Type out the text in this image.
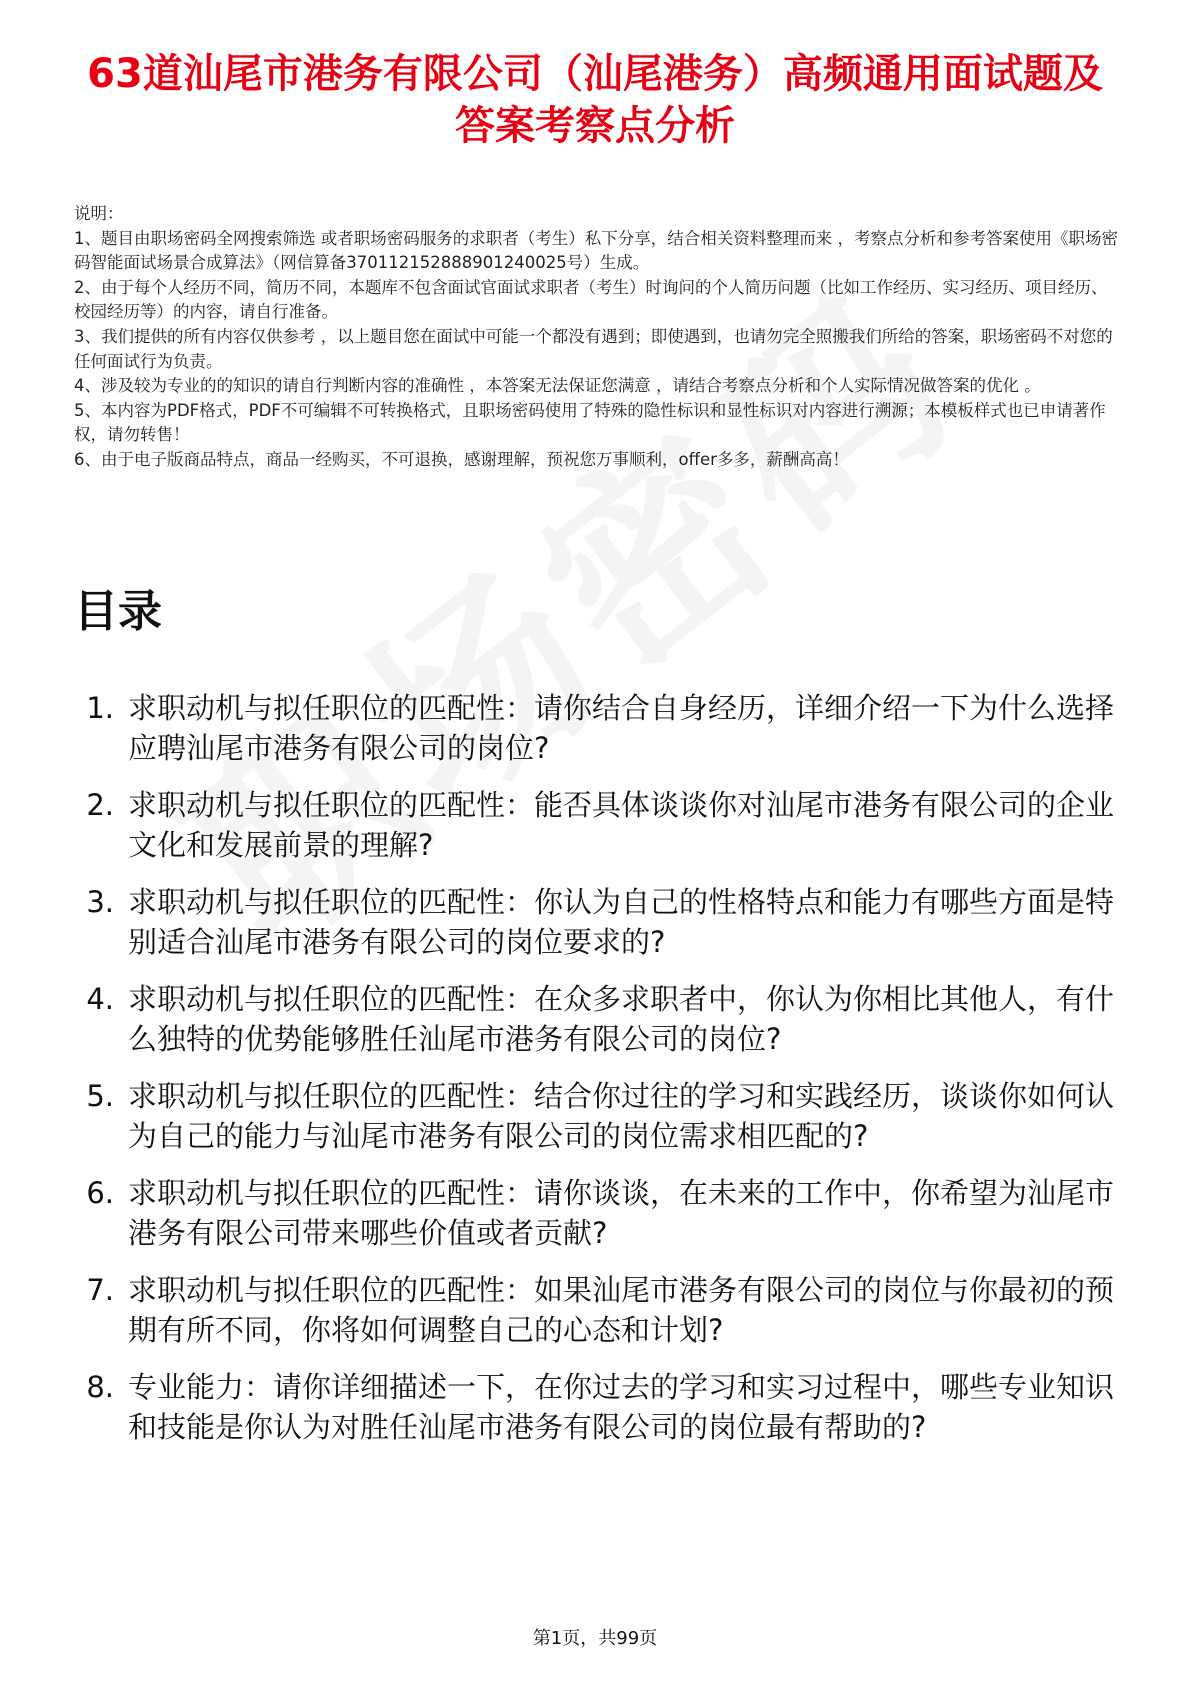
63道汕尾市港务有限公司（汕尾港务）高频通用面试题及答案考察点分析

说明：

1、题目由职场密码全网搜索筛选 或者职场密码服务的求职者（考生）私下分享，结合相关资料整理而来 ，考察点分析和参考答案使用《职场密码智能面试场景合成算法》（网信算备370112152888901240025号）生成。

2、由于每个人经历不同，简历不同，本题库不包含面试官面试求职者（考生）时询问的个人简历问题（比如工作经历、实习经历、项目经历、校园经历等）的内容，请自行准备。

3、我们提供的所有内容仅供参考 ，以上题目您在面试中可能一个都没有遇到；即使遇到，也请勿完全照搬我们所给的答案，职场密码不对您的任何面试行为负责。

4、涉及较为专业的的知识的请自行判断内容的准确性 ，本答案无法保证您满意 ，请结合考察点分析和个人实际情况做答案的优化 。

5、本内容为PDF格式，PDF不可编辑不可转换格式，且职场密码使用了特殊的隐性标识和显性标识对内容进行溯源；本模板样式也已申请著作权，请勿转售！

6、由于电子版商品特点，商品一经购买，不可退换，感谢理解，预祝您万事顺利，offer多多，薪酬高高！

目录
1. 求职动机与拟任职位的匹配性：请你结合自身经历，详细介绍一下为什么选择应聘汕尾市港务有限公司的岗位?
2. 求职动机与拟任职位的匹配性：能否具体谈谈你对汕尾市港务有限公司的企业文化和发展前景的理解?
3. 求职动机与拟任职位的匹配性：你认为自己的性格特点和能力有哪些方面是特别适合汕尾市港务有限公司的岗位要求的?
4. 求职动机与拟任职位的匹配性：在众多求职者中，你认为你相比其他人，有什么独特的优势能够胜任汕尾市港务有限公司的岗位?
5. 求职动机与拟任职位的匹配性：结合你过往的学习和实践经历，谈谈你如何认为自己的能力与汕尾市港务有限公司的岗位需求相匹配的?
6. 求职动机与拟任职位的匹配性：请你谈谈，在未来的工作中，你希望为汕尾市港务有限公司带来哪些价值或者贡献?
7. 求职动机与拟任职位的匹配性：如果汕尾市港务有限公司的岗位与你最初的预期有所不同，你将如何调整自己的心态和计划?
8. 专业能力：请你详细描述一下，在你过去的学习和实习过程中，哪些专业知识和技能是你认为对胜任汕尾市港务有限公司的岗位最有帮助的?
第1页，共99页
